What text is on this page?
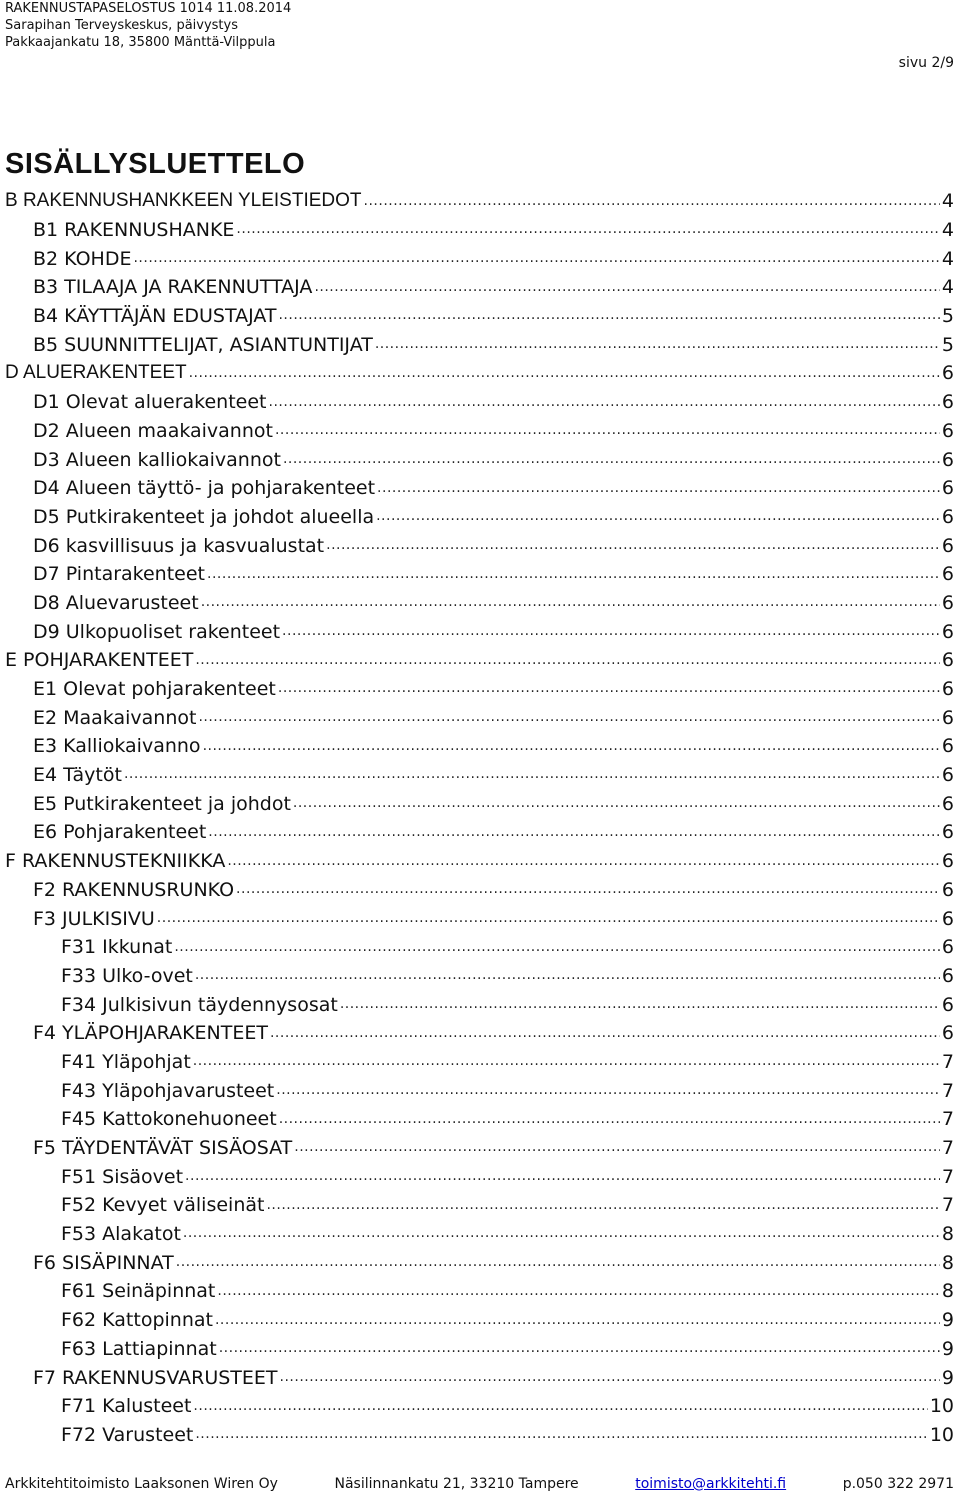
RAKENNUSTAPASELOSTUS 1014 11.08.2014
Sarapihan Terveyskeskus, päivystys
Pakkaajankatu 18, 35800 Mänttä-Vilppula
sivu 2/9
SISÄLLYSLUETTELO
B RAKENNUSHANKKEEN YLEISTIEDOT .....	4
B1 RAKENNUSHANKE .....	4
B2 KOHDE .....	4
B3 TILAAJA JA RAKENNUTTAJA .....	4
B4 KÄYTTÄJÄN EDUSTAJAT .....	5
B5 SUUNNITTELIJAT, ASIANTUNTIJAT .....	5
D ALUERAKENTEET .....	6
D1 Olevat aluerakenteet .....	6
D2 Alueen maakaivannot .....	6
D3 Alueen kalliokaivannot .....	6
D4 Alueen täyttö- ja pohjarakenteet .....	6
D5 Putkirakenteet ja johdot alueella .....	6
D6 kasvillisuus ja kasvualustat .....	6
D7 Pintarakenteet .....	6
D8 Aluevarusteet .....	6
D9 Ulkopuoliset rakenteet .....	6
E POHJARAKENTEET .....	6
E1 Olevat pohjarakenteet .....	6
E2 Maakaivannot .....	6
E3 Kalliokaivanno .....	6
E4 Täytöt .....	6
E5 Putkirakenteet ja johdot .....	6
E6 Pohjarakenteet .....	6
F RAKENNUSTEKNIIKKA .....	6
F2 RAKENNUSRUNKO .....	6
F3 JULKISIVU .....	6
F31 Ikkunat .....	6
F33 Ulko-ovet .....	6
F34 Julkisivun täydennysosat .....	6
F4 YLÄPOHJARAKENTEET .....	6
F41 Yläpohjat .....	7
F43 Yläpohjavarusteet .....	7
F45 Kattokonehuoneet .....	7
F5 TÄYDENTÄVÄT SISÄOSAT .....	7
F51 Sisäovet .....	7
F52 Kevyet väliseinät .....	7
F53 Alakatot .....	8
F6 SISÄPINNAT .....	8
F61 Seinäpinnat .....	8
F62 Kattopinnat .....	9
F63 Lattiapinnat .....	9
F7 RAKENNUSVARUSTEET .....	9
F71 Kalusteet .....	10
F72 Varusteet .....	10
Arkkitehtitoimisto Laaksonen Wiren Oy	Näsilinnankatu 21, 33210 Tampere	toimisto@arkkitehti.fi	p.050 322 2971
